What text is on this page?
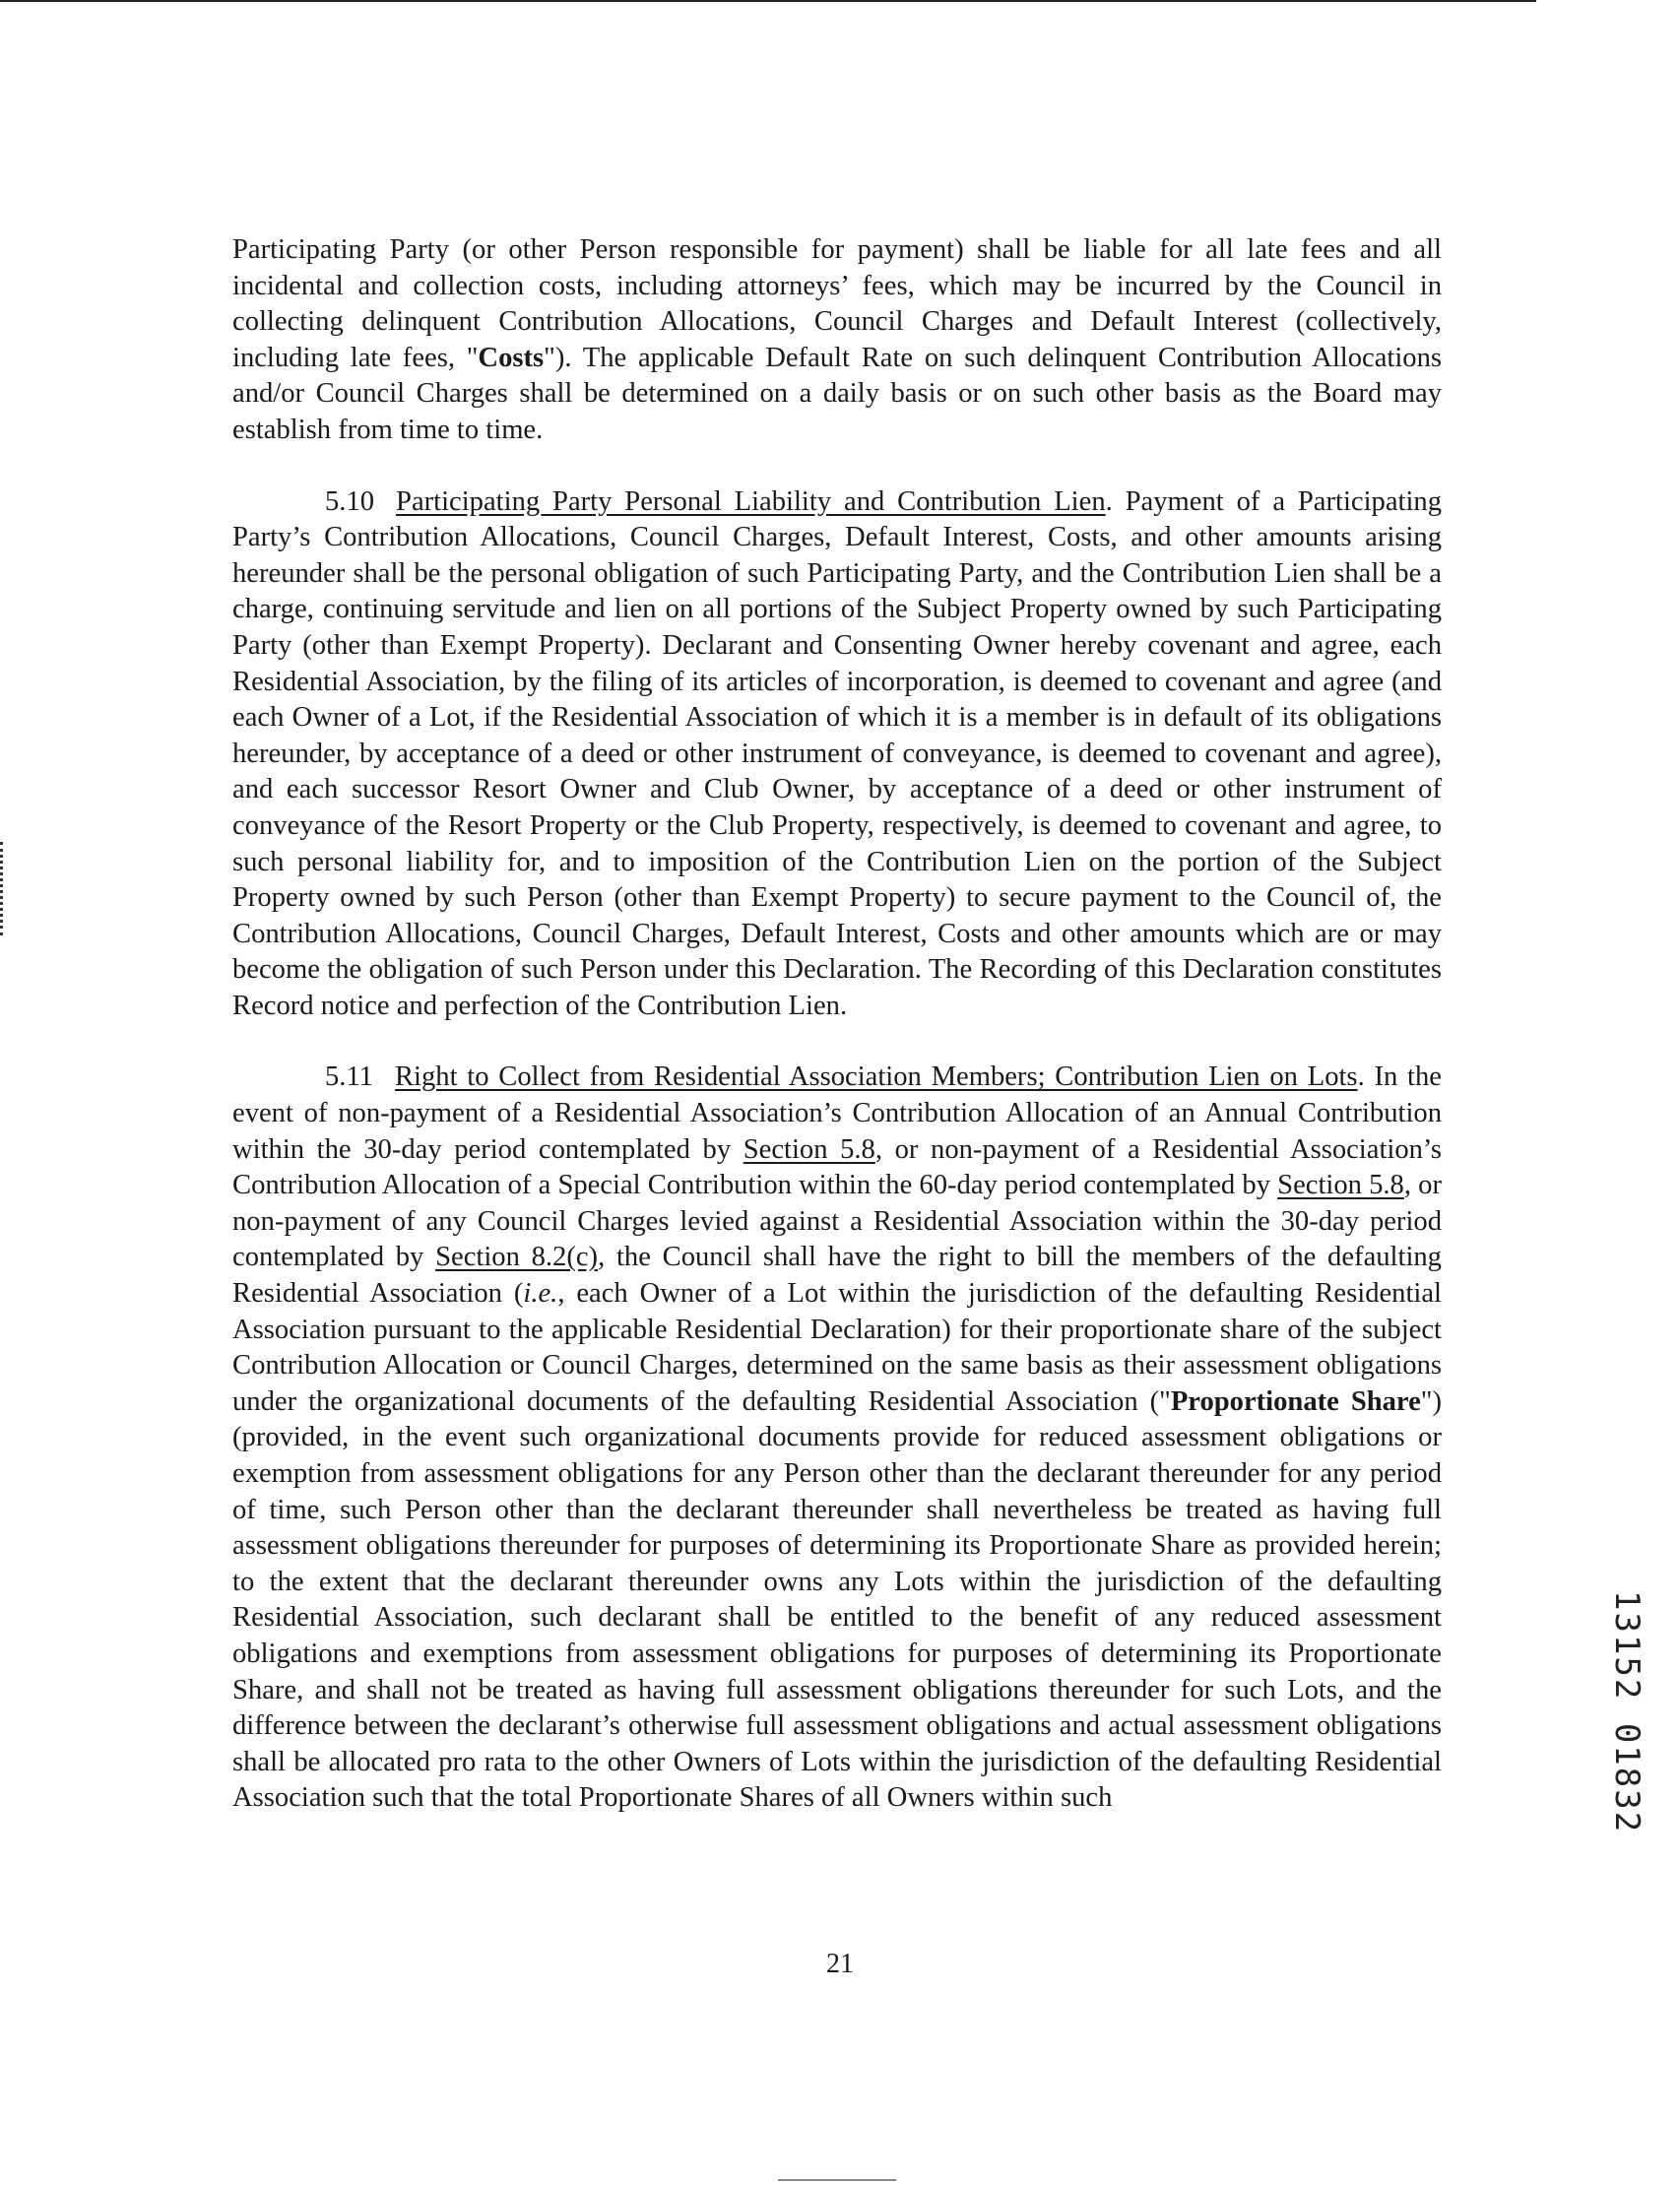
Participating Party (or other Person responsible for payment) shall be liable for all late fees and all incidental and collection costs, including attorneys’ fees, which may be incurred by the Council in collecting delinquent Contribution Allocations, Council Charges and Default Interest (collectively, including late fees, "Costs"). The applicable Default Rate on such delinquent Contribution Allocations and/or Council Charges shall be determined on a daily basis or on such other basis as the Board may establish from time to time.

5.10 Participating Party Personal Liability and Contribution Lien. Payment of a Participating Party’s Contribution Allocations, Council Charges, Default Interest, Costs, and other amounts arising hereunder shall be the personal obligation of such Participating Party, and the Contribution Lien shall be a charge, continuing servitude and lien on all portions of the Subject Property owned by such Participating Party (other than Exempt Property). Declarant and Consenting Owner hereby covenant and agree, each Residential Association, by the filing of its articles of incorporation, is deemed to covenant and agree (and each Owner of a Lot, if the Residential Association of which it is a member is in default of its obligations hereunder, by acceptance of a deed or other instrument of conveyance, is deemed to covenant and agree), and each successor Resort Owner and Club Owner, by acceptance of a deed or other instrument of conveyance of the Resort Property or the Club Property, respectively, is deemed to covenant and agree, to such personal liability for, and to imposition of the Contribution Lien on the portion of the Subject Property owned by such Person (other than Exempt Property) to secure payment to the Council of, the Contribution Allocations, Council Charges, Default Interest, Costs and other amounts which are or may become the obligation of such Person under this Declaration. The Recording of this Declaration constitutes Record notice and perfection of the Contribution Lien.

5.11 Right to Collect from Residential Association Members; Contribution Lien on Lots. In the event of non-payment of a Residential Association’s Contribution Allocation of an Annual Contribution within the 30-day period contemplated by Section 5.8, or non-payment of a Residential Association’s Contribution Allocation of a Special Contribution within the 60-day period contemplated by Section 5.8, or non-payment of any Council Charges levied against a Residential Association within the 30-day period contemplated by Section 8.2(c), the Council shall have the right to bill the members of the defaulting Residential Association (i.e., each Owner of a Lot within the jurisdiction of the defaulting Residential Association pursuant to the applicable Residential Declaration) for their proportionate share of the subject Contribution Allocation or Council Charges, determined on the same basis as their assessment obligations under the organizational documents of the defaulting Residential Association ("Proportionate Share") (provided, in the event such organizational documents provide for reduced assessment obligations or exemption from assessment obligations for any Person other than the declarant thereunder for any period of time, such Person other than the declarant thereunder shall nevertheless be treated as having full assessment obligations thereunder for purposes of determining its Proportionate Share as provided herein; to the extent that the declarant thereunder owns any Lots within the jurisdiction of the defaulting Residential Association, such declarant shall be entitled to the benefit of any reduced assessment obligations and exemptions from assessment obligations for purposes of determining its Proportionate Share, and shall not be treated as having full assessment obligations thereunder for such Lots, and the difference between the declarant’s otherwise full assessment obligations and actual assessment obligations shall be allocated pro rata to the other Owners of Lots within the jurisdiction of the defaulting Residential Association such that the total Proportionate Shares of all Owners within such

21
13152 01832
